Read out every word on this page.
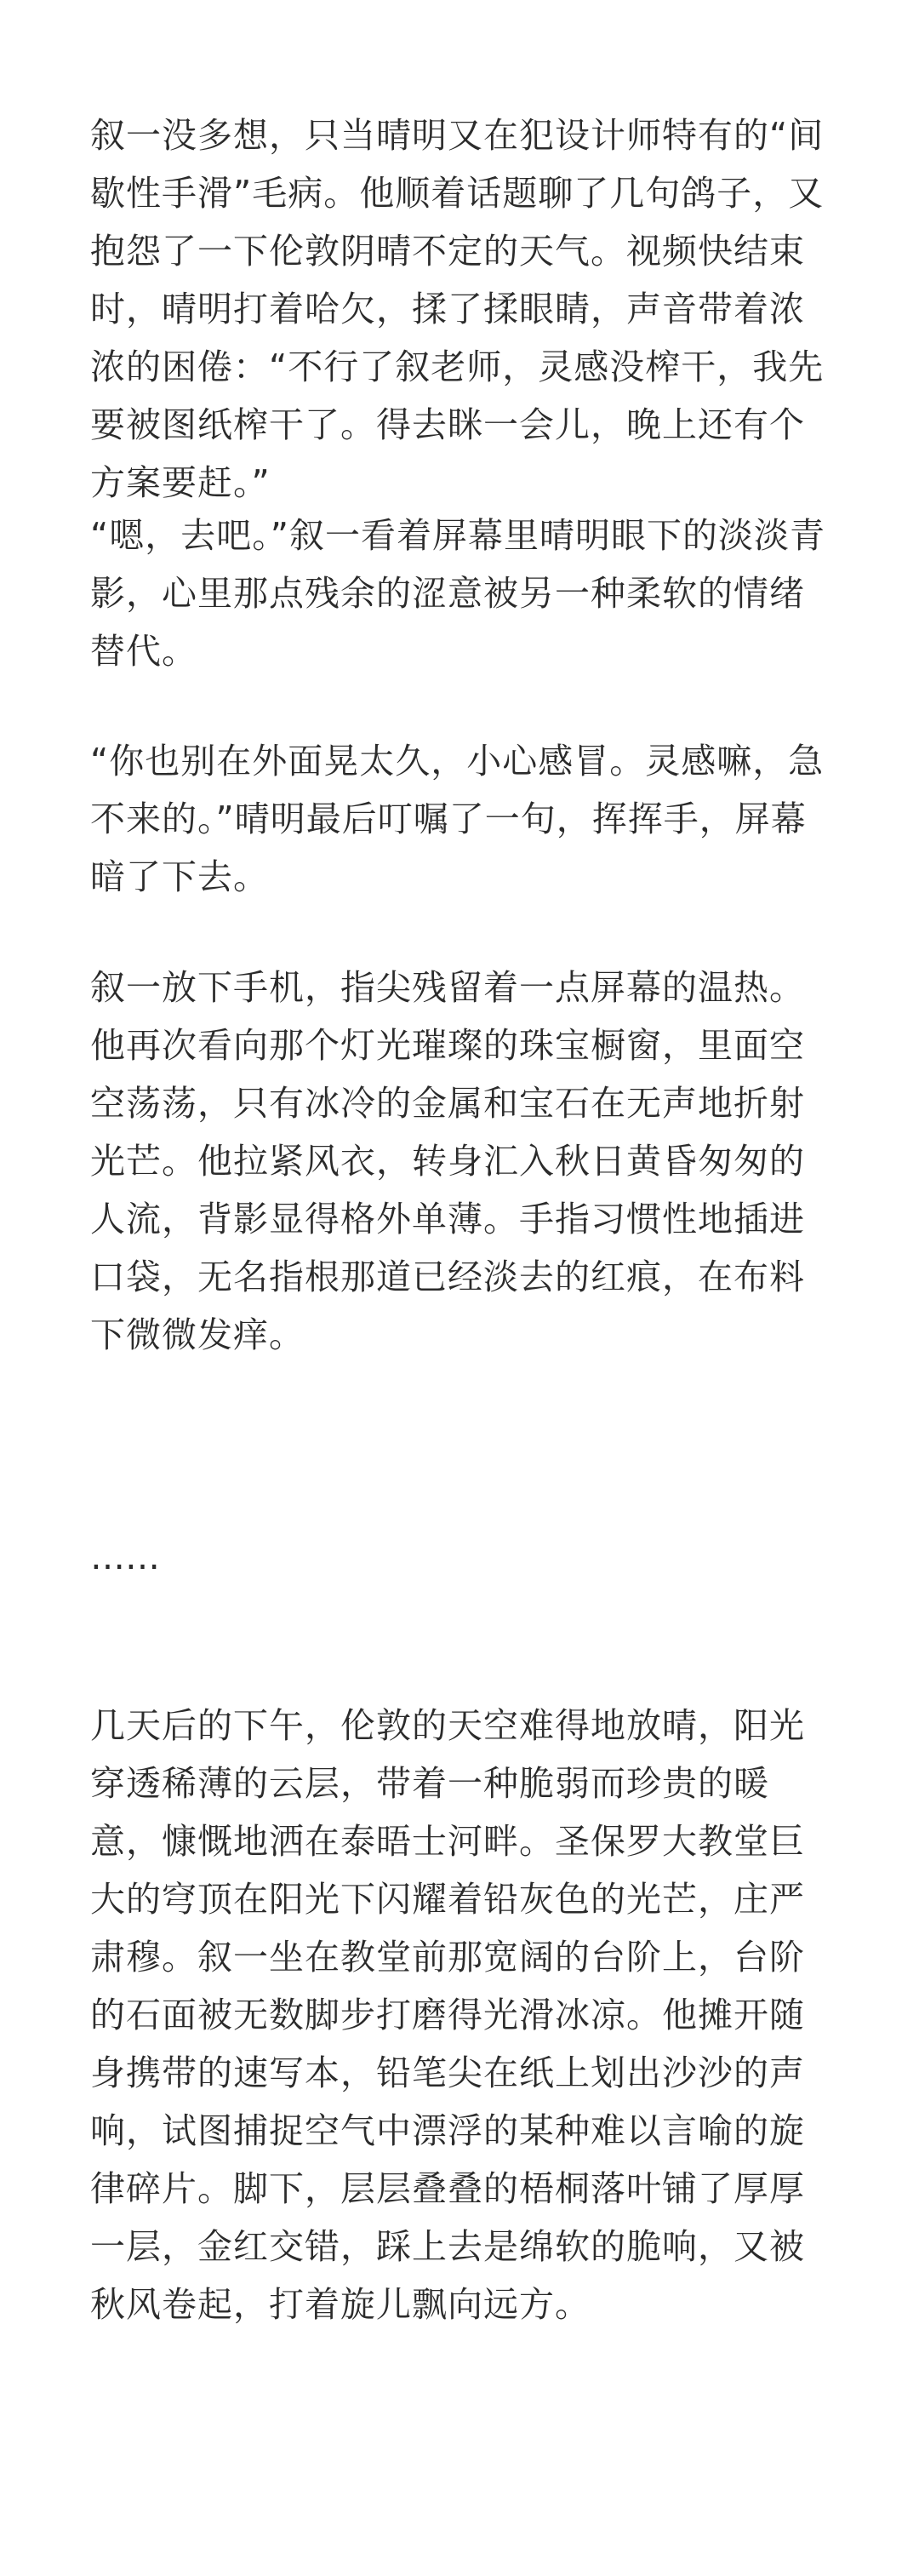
叙一没多想，只当晴明又在犯设计师特有的“间歇性手滑”毛病。他顺着话题聊了几句鸽子，又抱怨了一下伦敦阴晴不定的天气。视频快结束时，晴明打着哈欠，揉了揉眼睛，声音带着浓浓的困倦：“不行了叙老师，灵感没榨干，我先要被图纸榨干了。得去眯一会儿，晚上还有个方案要赶。”

“嗯，去吧。”叙一看着屏幕里晴明眼下的淡淡青影，心里那点残余的涩意被另一种柔软的情绪替代。

“你也别在外面晃太久，小心感冒。灵感嘛，急不来的。”晴明最后叮嘱了一句，挥挥手，屏幕暗了下去。

叙一放下手机，指尖残留着一点屏幕的温热。他再次看向那个灯光璀璨的珠宝橱窗，里面空空荡荡，只有冰冷的金属和宝石在无声地折射光芒。他拉紧风衣，转身汇入秋日黄昏匆匆的人流，背影显得格外单薄。手指习惯性地插进口袋，无名指根那道已经淡去的红痕，在布料下微微发痒。

……

几天后的下午，伦敦的天空难得地放晴，阳光穿透稀薄的云层，带着一种脆弱而珍贵的暖意，慷慨地洒在泰晤士河畔。圣保罗大教堂巨大的穹顶在阳光下闪耀着铅灰色的光芒，庄严肃穆。叙一坐在教堂前那宽阔的台阶上，台阶的石面被无数脚步打磨得光滑冰凉。他摊开随身携带的速写本，铅笔尖在纸上划出沙沙的声响，试图捕捉空气中漂浮的某种难以言喻的旋律碎片。脚下，层层叠叠的梧桐落叶铺了厚厚一层，金红交错，踩上去是绵软的脆响，又被秋风卷起，打着旋儿飘向远方。
